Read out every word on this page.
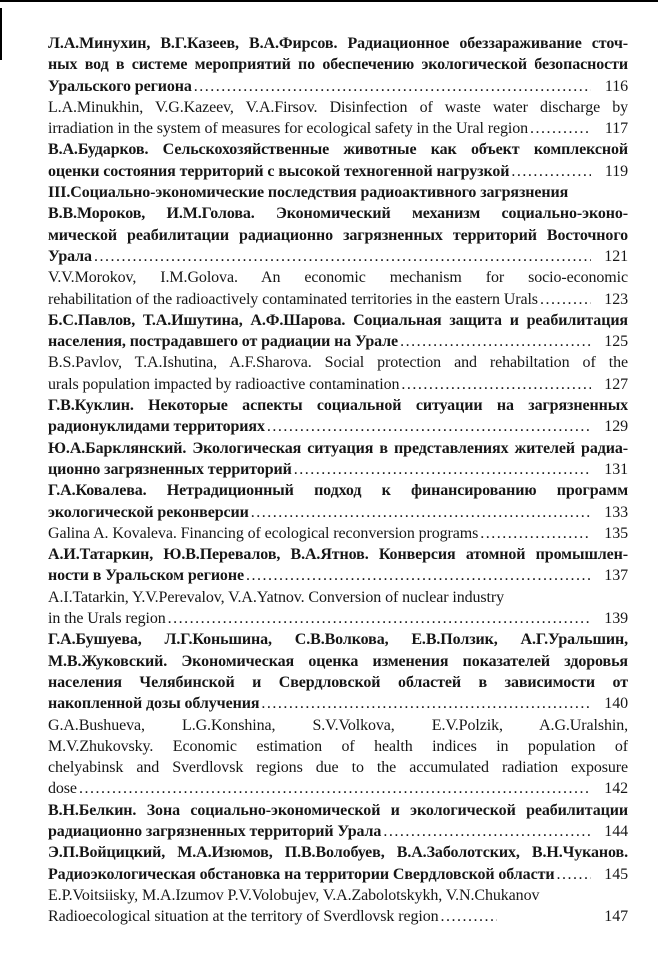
Л.А.Минухин, В.Г.Казеев, В.А.Фирсов. Радиационное обеззараживание сточ-
ных вод в системе мероприятий по обеспечению экологической безопасности
Уральского региона .....	116
L.A.Minukhin, V.G.Kazeev, V.A.Firsov. Disinfection of waste water discharge by
irradiation in the system of measures for ecological safety in the Ural region .....	117
В.А.Бударков. Сельскохозяйственные животные как объект комплексной
оценки состояния территорий с высокой техногенной нагрузкой .....	119
III.Социально-экономические последствия радиоактивного загрязнения
В.В.Мороков, И.М.Голова. Экономический механизм социально-эконо-
мической реабилитации радиационно загрязненных территорий Восточного
Урала .....	121
V.V.Morokov, I.M.Golova. An economic mechanism for socio-economic
rehabilitation of the radioactively contaminated territories in the eastern Urals .....	123
Б.С.Павлов, Т.А.Ишутина, А.Ф.Шарова. Социальная защита и реабилитация
населения, пострадавшего от радиации на Урале .....	125
B.S.Pavlov, T.A.Ishutina, A.F.Sharova. Social protection and rehabiltation of the
urals population impacted by radioactive contamination .....	127
Г.В.Куклин. Некоторые аспекты социальной ситуации на загрязненных
радионуклидами территориях .....	129
Ю.А.Барклянский. Экологическая ситуация в представлениях жителей радиа-
ционно загрязненных территорий .....	131
Г.А.Ковалева. Нетрадиционный подход к финансированию программ
экологической реконверсии .....	133
Galina A. Kovaleva. Financing of ecological reconversion programs .....	135
А.И.Татаркин, Ю.В.Перевалов, В.А.Ятнов. Конверсия атомной промышлен-
ности в Уральском регионе .....	137
A.I.Tatarkin, Y.V.Perevalov, V.A.Yatnov. Conversion of nuclear industry
in the Urals region .....	139
Г.А.Бушуева, Л.Г.Коньшина, С.В.Волкова, Е.В.Ползик, А.Г.Уральшин,
М.В.Жуковский. Экономическая оценка изменения показателей здоровья
населения Челябинской и Свердловской областей в зависимости от
накопленной дозы облучения .....	140
G.A.Bushueva, L.G.Konshina, S.V.Volkova, E.V.Polzik, A.G.Uralshin,
M.V.Zhukovsky. Economic estimation of health indices in population of
chelyabinsk and Sverdlovsk regions due to the accumulated radiation exposure
dose .....	142
В.Н.Белкин. Зона социально-экономической и экологической реабилитации
радиационно загрязненных территорий Урала .....	144
Э.П.Войцицкий, М.А.Изюмов, П.В.Волобуев, В.А.Заболотских, В.Н.Чуканов.
Радиоэкологическая обстановка на территории Свердловской области .....	145
E.P.Voitsiisky, M.A.Izumov P.V.Volobujev, V.A.Zabolotskykh, V.N.Chukanov
Radioecological situation at the territory of Sverdlovsk region .....	147
